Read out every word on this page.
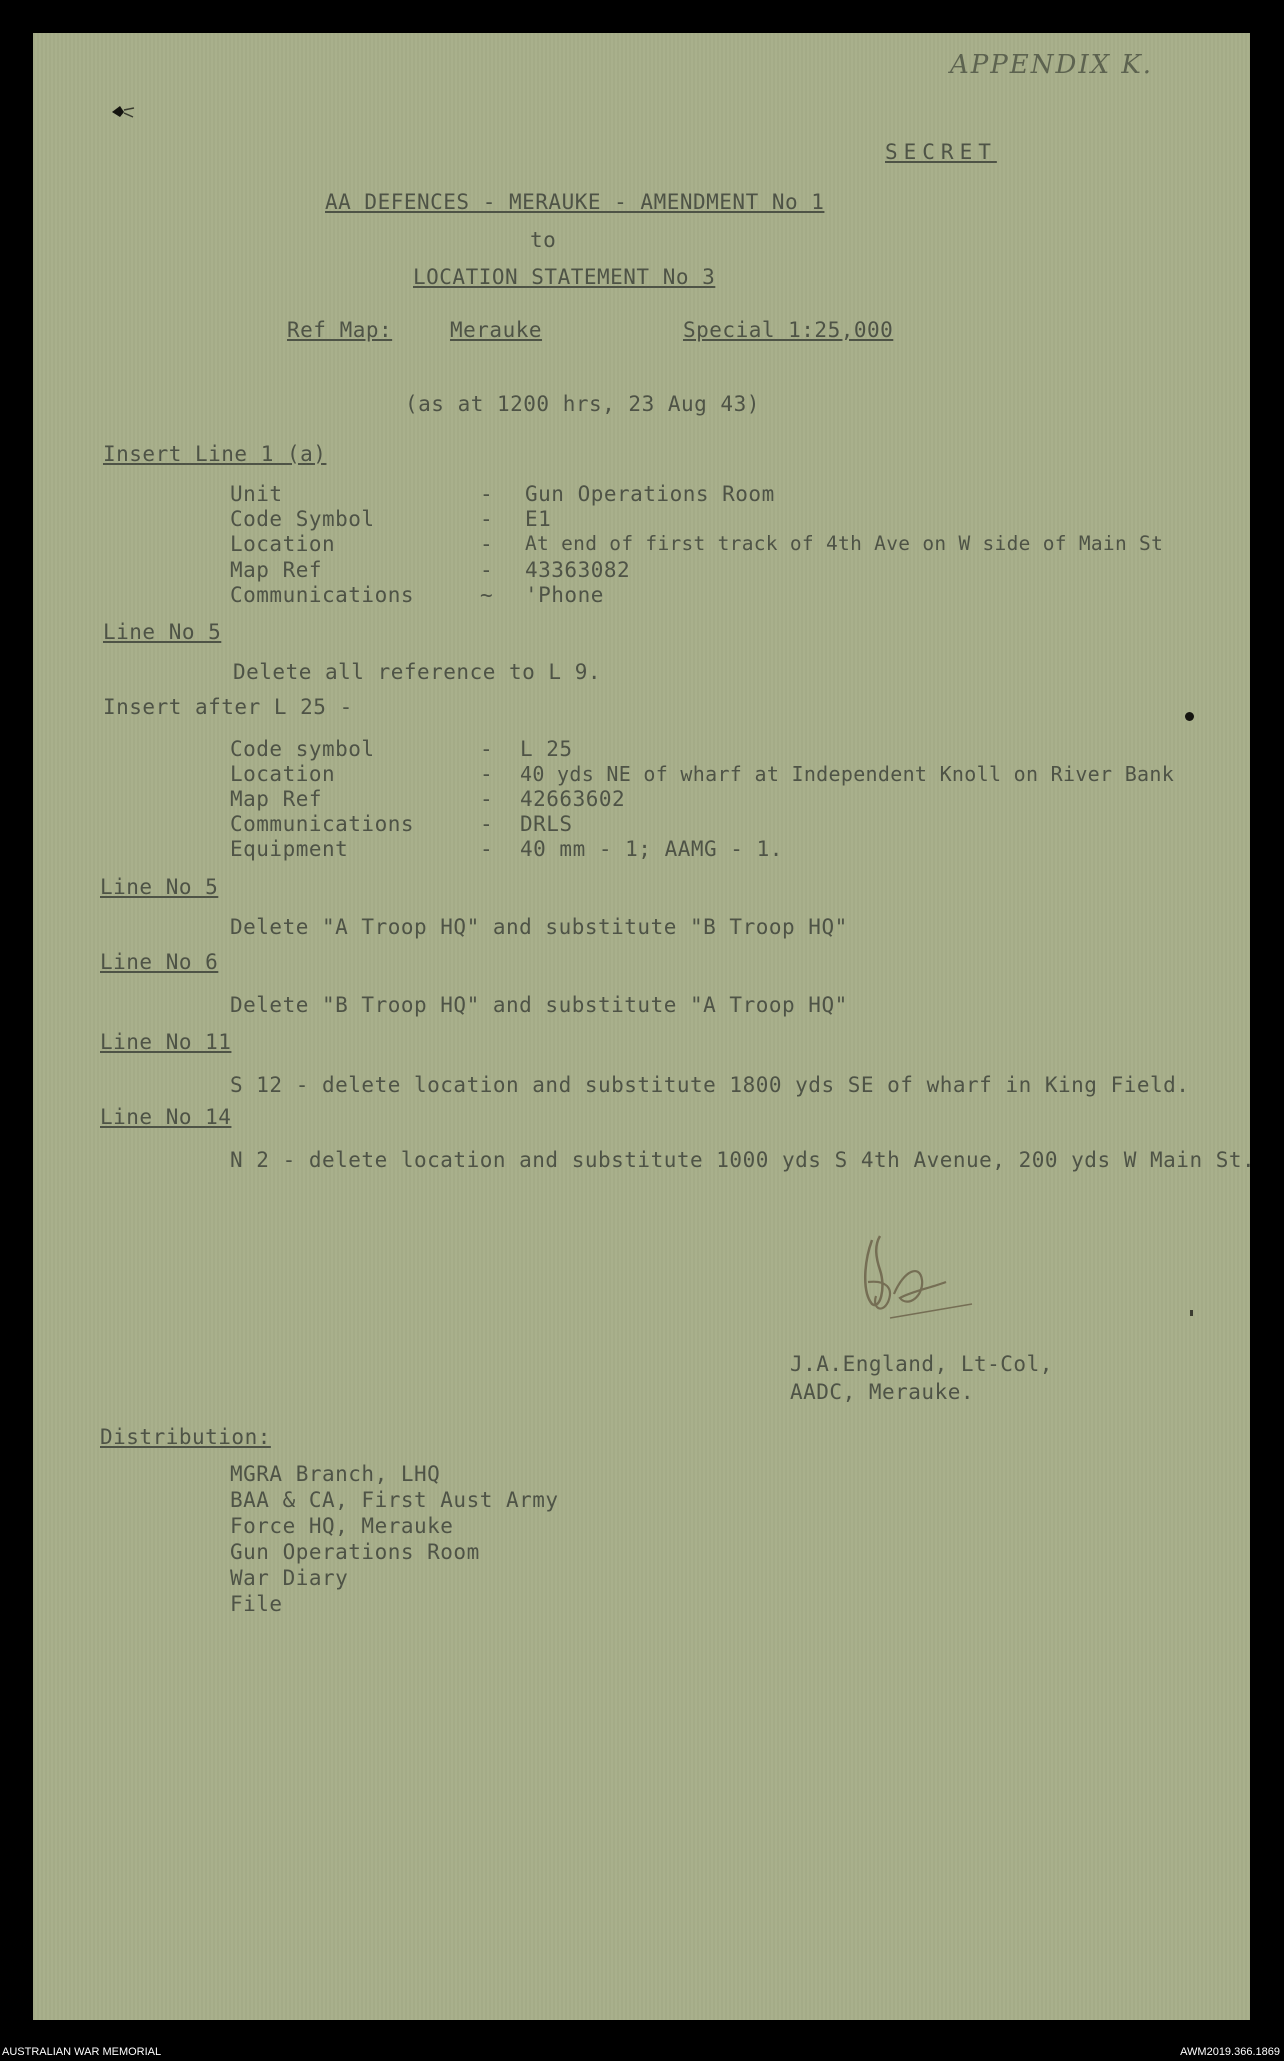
APPENDIX K.
SECRET
AA DEFENCES - MERAUKE - AMENDMENT No 1
to
LOCATION STATEMENT No 3
Ref Map:	Merauke	Special 1:25,000
(as at 1200 hrs, 23 Aug 43)
Insert Line 1 (a)
Unit	- Gun Operations Room
Code Symbol	- E1
Location	- At end of first track of 4th Ave on W side of Main St
Map Ref	- 43363082
Communications	~ 'Phone
Line No 5
Delete all reference to L 9.
Insert after L 25 -
Code symbol	- L 25
Location	- 40 yds NE of wharf at Independent Knoll on River Bank
Map Ref	- 42663602
Communications	- DRLS
Equipment	- 40 mm - 1; AAMG - 1.
Line No 5
Delete "A Troop HQ" and substitute "B Troop HQ"
Line No 6
Delete "B Troop HQ" and substitute "A Troop HQ"
Line No 11
S 12 - delete location and substitute 1800 yds SE of wharf in King Field.
Line No 14
N 2 - delete location and substitute 1000 yds S 4th Avenue, 200 yds W Main St.
J.A.England, Lt-Col,
AADC, Merauke.
Distribution:
MGRA Branch, LHQ
BAA & CA, First Aust Army
Force HQ, Merauke
Gun Operations Room
War Diary
File
AUSTRALIAN WAR MEMORIAL	AWM2019.366.1869
